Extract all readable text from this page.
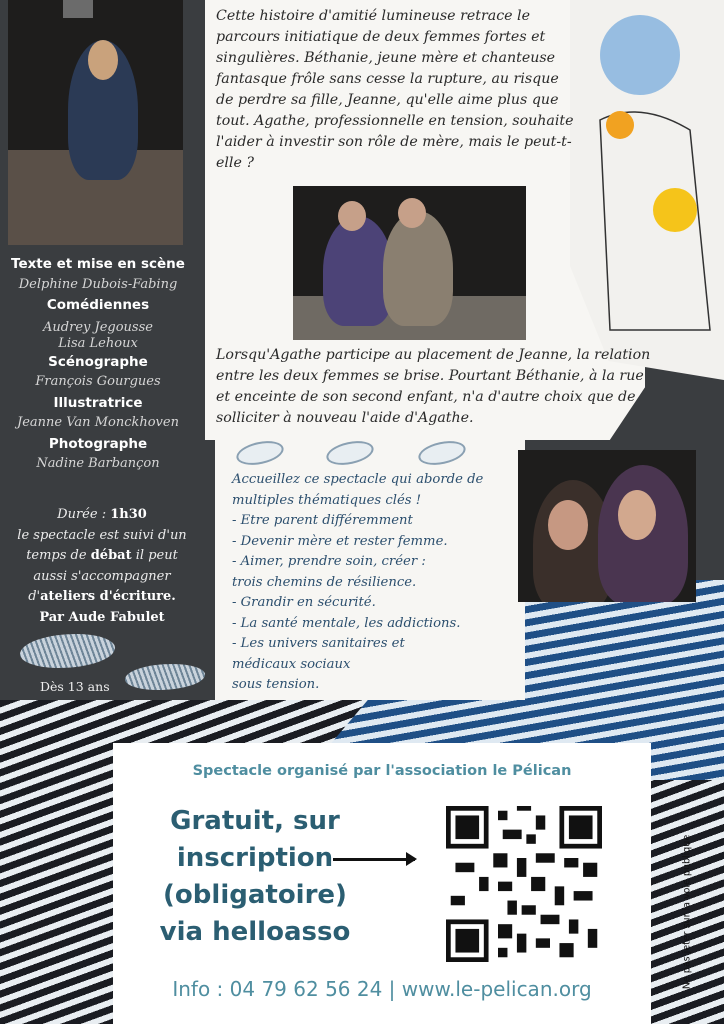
Cette histoire d'amitié lumineuse retrace le parcours initiatique de deux femmes fortes et singulières. Béthanie, jeune mère et chanteuse fantasque frôle sans cesse la rupture, au risque de perdre sa fille, Jeanne, qu'elle aime plus que tout. Agathe, professionnelle en tension, souhaite l'aider à investir son rôle de mère, mais le peut-t-elle ?

Lorsqu'Agathe participe au placement de Jeanne, la relation entre les deux femmes se brise. Pourtant Béthanie, à la rue et enceinte de son second enfant, n'a d'autre choix que de solliciter à nouveau l'aide d'Agathe.

Texte et mise en scène
Delphine Dubois-Fabing
Comédiennes
Audrey Jegousse
Lisa Lehoux
Scénographe
François Gourgues
Illustratrice
Jeanne Van Monckhoven
Photographe
Nadine Barbançon
Durée : 1h30
le spectacle est suivi d'un
temps de débat il peut
aussi s'accompagner
d'ateliers d'écriture.
Par Aude Fabulet
Dès 13 ans
Accueillez ce spectacle qui aborde de
multiples thématiques clés !
- Etre parent différemment
- Devenir mère et rester femme.
- Aimer, prendre soin, créer :
trois chemins de résilience.
- Grandir en sécurité.
- La santé mentale, les addictions.
- Les univers sanitaires et
médicaux sociaux
sous tension.
Spectacle organisé par l'association le Pélican
Gratuit, sur
inscription
(obligatoire)
via helloasso
Info : 04 79 62 56 24 | www.le-pelican.org	Ne pas jeter sur la voie publique
